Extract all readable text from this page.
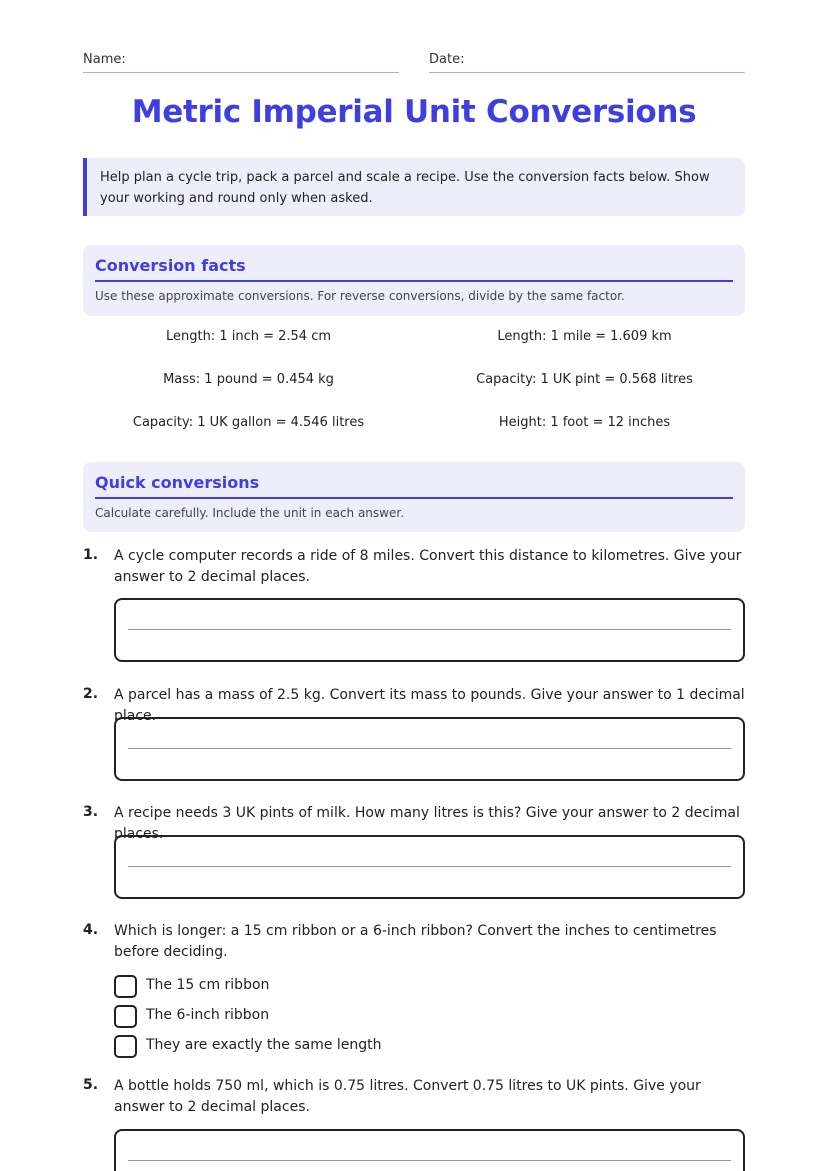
Name:	Date:
Metric Imperial Unit Conversions
Help plan a cycle trip, pack a parcel and scale a recipe. Use the conversion facts below. Show your working and round only when asked.
Conversion facts
Use these approximate conversions. For reverse conversions, divide by the same factor.
Length: 1 inch = 2.54 cm	Length: 1 mile = 1.609 km
Mass: 1 pound = 0.454 kg	Capacity: 1 UK pint = 0.568 litres
Capacity: 1 UK gallon = 4.546 litres	Height: 1 foot = 12 inches
Quick conversions
Calculate carefully. Include the unit in each answer.
1. A cycle computer records a ride of 8 miles. Convert this distance to kilometres. Give your answer to 2 decimal places.
2. A parcel has a mass of 2.5 kg. Convert its mass to pounds. Give your answer to 1 decimal place.
3. A recipe needs 3 UK pints of milk. How many litres is this? Give your answer to 2 decimal places.
4. Which is longer: a 15 cm ribbon or a 6-inch ribbon? Convert the inches to centimetres before deciding.
The 15 cm ribbon
The 6-inch ribbon
They are exactly the same length
5. A bottle holds 750 ml, which is 0.75 litres. Convert 0.75 litres to UK pints. Give your answer to 2 decimal places.
